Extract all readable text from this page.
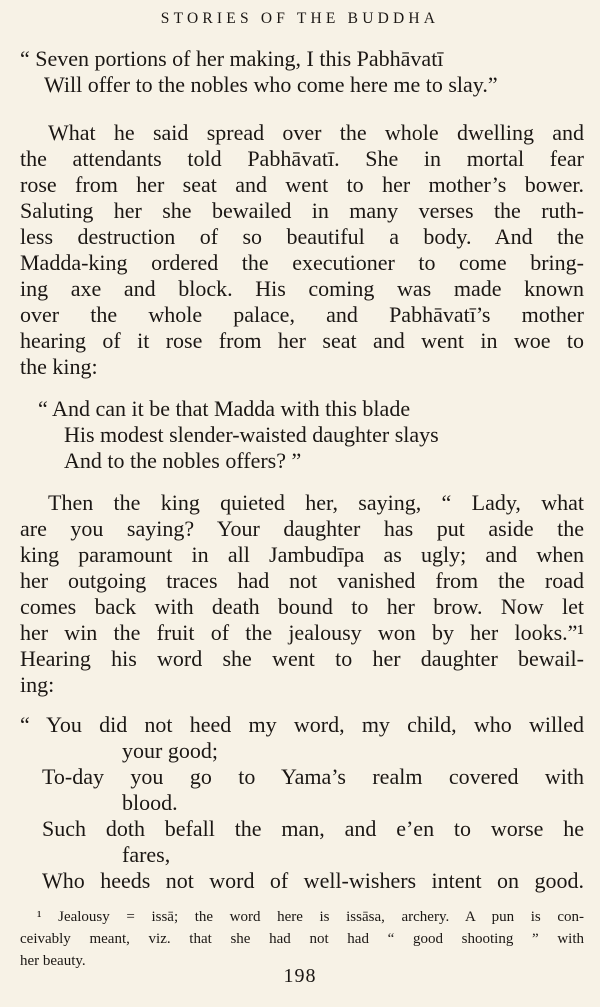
STORIES OF THE BUDDHA
“ Seven portions of her making, I this Pabhāvatī
Will offer to the nobles who come here me to slay.”
What he said spread over the whole dwelling and
the attendants told Pabhāvatī. She in mortal fear
rose from her seat and went to her mother’s bower.
Saluting her she bewailed in many verses the ruth-
less destruction of so beautiful a body. And the
Madda-king ordered the executioner to come bring-
ing axe and block. His coming was made known
over the whole palace, and Pabhāvatī’s mother
hearing of it rose from her seat and went in woe to
the king:
“ And can it be that Madda with this blade
His modest slender-waisted daughter slays
And to the nobles offers? ”
Then the king quieted her, saying, “ Lady, what
are you saying? Your daughter has put aside the
king paramount in all Jambudīpa as ugly; and when
her outgoing traces had not vanished from the road
comes back with death bound to her brow. Now let
her win the fruit of the jealousy won by her looks.”¹
Hearing his word she went to her daughter bewail-
ing:
“ You did not heed my word, my child, who willed
your good;
To-day you go to Yama’s realm covered with
blood.
Such doth befall the man, and e’en to worse he
fares,
Who heeds not word of well-wishers intent on good.
¹ Jealousy = issā; the word here is issāsa, archery. A pun is con-
ceivably meant, viz. that she had not had “ good shooting ” with
her beauty.
198
